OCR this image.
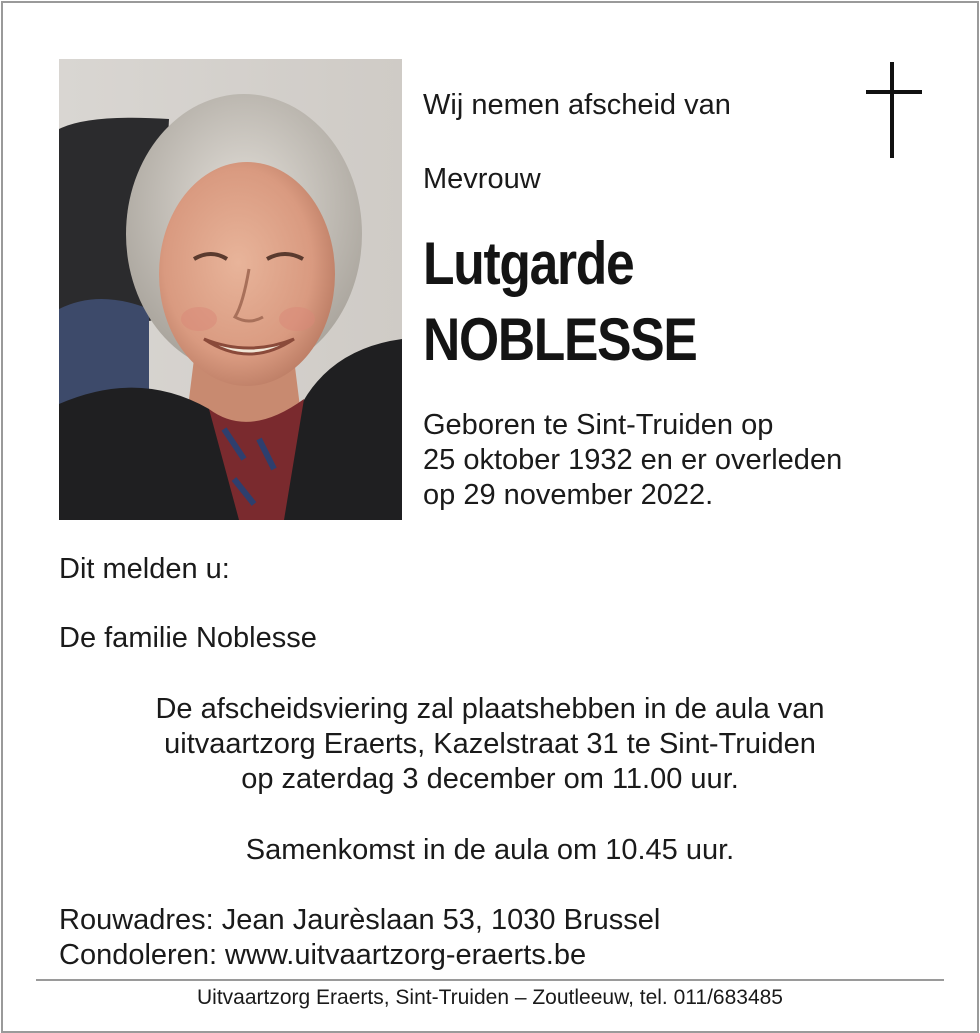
Wij nemen afscheid van
Mevrouw
Lutgarde
NOBLESSE
Geboren te Sint-Truiden op
25 oktober 1932 en er overleden
op 29 november 2022.
Dit melden u:
De familie Noblesse
De afscheidsviering zal plaatshebben in de aula van
uitvaartzorg Eraerts, Kazelstraat 31 te Sint-Truiden
op zaterdag 3 december om 11.00 uur.
Samenkomst in de aula om 10.45 uur.
Rouwadres: Jean Jaurèslaan 53, 1030 Brussel
Condoleren: www.uitvaartzorg-eraerts.be
Uitvaartzorg Eraerts, Sint-Truiden – Zoutleeuw, tel. 011/683485
